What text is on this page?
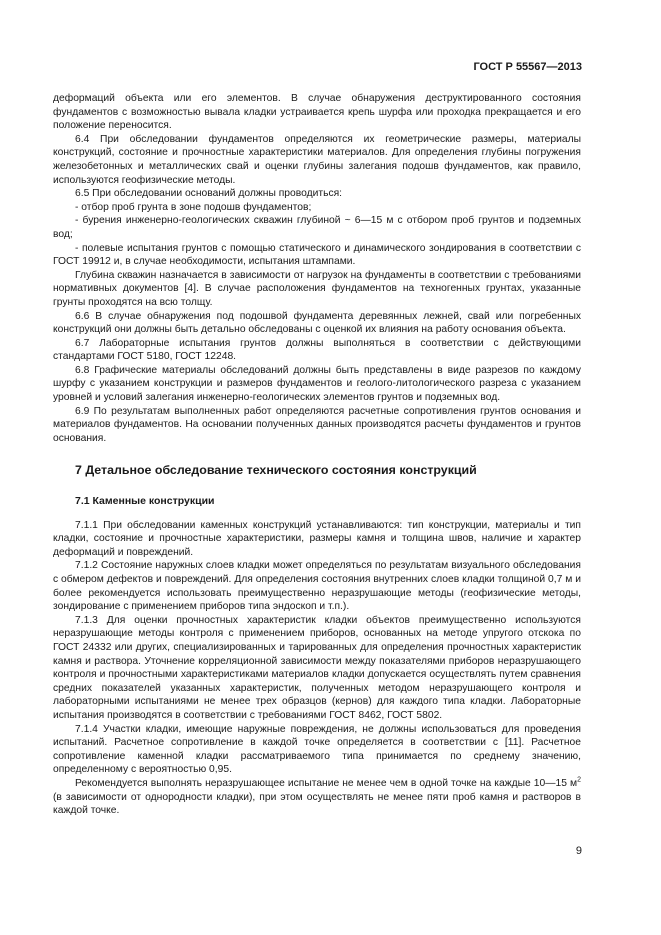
ГОСТ Р 55567—2013

деформаций объекта или его элементов. В случае обнаружения деструктированного состояния фундаментов с возможностью вывала кладки устраивается крепь шурфа или проходка прекращается и его положение переносится.

6.4 При обследовании фундаментов определяются их геометрические размеры, материалы конструкций, состояние и прочностные характеристики материалов. Для определения глубины погружения железобетонных и металлических свай и оценки глубины залегания подошв фундаментов, как правило, используются геофизические методы.

6.5 При обследовании оснований должны проводиться:

- отбор проб грунта в зоне подошв фундаментов;

- бурения инженерно-геологических скважин глубиной ~ 6—15 м с отбором проб грунтов и подземных вод;

- полевые испытания грунтов с помощью статического и динамического зондирования в соответствии с ГОСТ 19912 и, в случае необходимости, испытания штампами.

Глубина скважин назначается в зависимости от нагрузок на фундаменты в соответствии с требованиями нормативных документов [4]. В случае расположения фундаментов на техногенных грунтах, указанные грунты проходятся на всю толщу.

6.6 В случае обнаружения под подошвой фундамента деревянных лежней, свай или погребенных конструкций они должны быть детально обследованы с оценкой их влияния на работу основания объекта.

6.7 Лабораторные испытания грунтов должны выполняться в соответствии с действующими стандартами ГОСТ 5180, ГОСТ 12248.

6.8 Графические материалы обследований должны быть представлены в виде разрезов по каждому шурфу с указанием конструкции и размеров фундаментов и геолого-литологического разреза с указанием уровней и условий залегания инженерно-геологических элементов грунтов и подземных вод.

6.9 По результатам выполненных работ определяются расчетные сопротивления грунтов основания и материалов фундаментов. На основании полученных данных производятся расчеты фундаментов и грунтов основания.

7 Детальное обследование технического состояния конструкций

7.1 Каменные конструкции

7.1.1 При обследовании каменных конструкций устанавливаются: тип конструкции, материалы и тип кладки, состояние и прочностные характеристики, размеры камня и толщина швов, наличие и характер деформаций и повреждений.

7.1.2 Состояние наружных слоев кладки может определяться по результатам визуального обследования с обмером дефектов и повреждений. Для определения состояния внутренних слоев кладки толщиной 0,7 м и более рекомендуется использовать преимущественно неразрушающие методы (геофизические методы, зондирование с применением приборов типа эндоскоп и т.п.).

7.1.3 Для оценки прочностных характеристик кладки объектов преимущественно используются неразрушающие методы контроля с применением приборов, основанных на методе упругого отскока по ГОСТ 24332 или других, специализированных и тарированных для определения прочностных характеристик камня и раствора. Уточнение корреляционной зависимости между показателями приборов неразрушающего контроля и прочностными характеристиками материалов кладки допускается осуществлять путем сравнения средних показателей указанных характеристик, полученных методом неразрушающего контроля и лабораторными испытаниями не менее трех образцов (кернов) для каждого типа кладки. Лабораторные испытания производятся в соответствии с требованиями ГОСТ 8462, ГОСТ 5802.

7.1.4 Участки кладки, имеющие наружные повреждения, не должны использоваться для проведения испытаний. Расчетное сопротивление в каждой точке определяется в соответствии с [11]. Расчетное сопротивление каменной кладки рассматриваемого типа принимается по среднему значению, определенному с вероятностью 0,95.

Рекомендуется выполнять неразрушающее испытание не менее чем в одной точке на каждые 10—15 $м^2$ (в зависимости от однородности кладки), при этом осуществлять не менее пяти проб камня и растворов в каждой точке.

9
